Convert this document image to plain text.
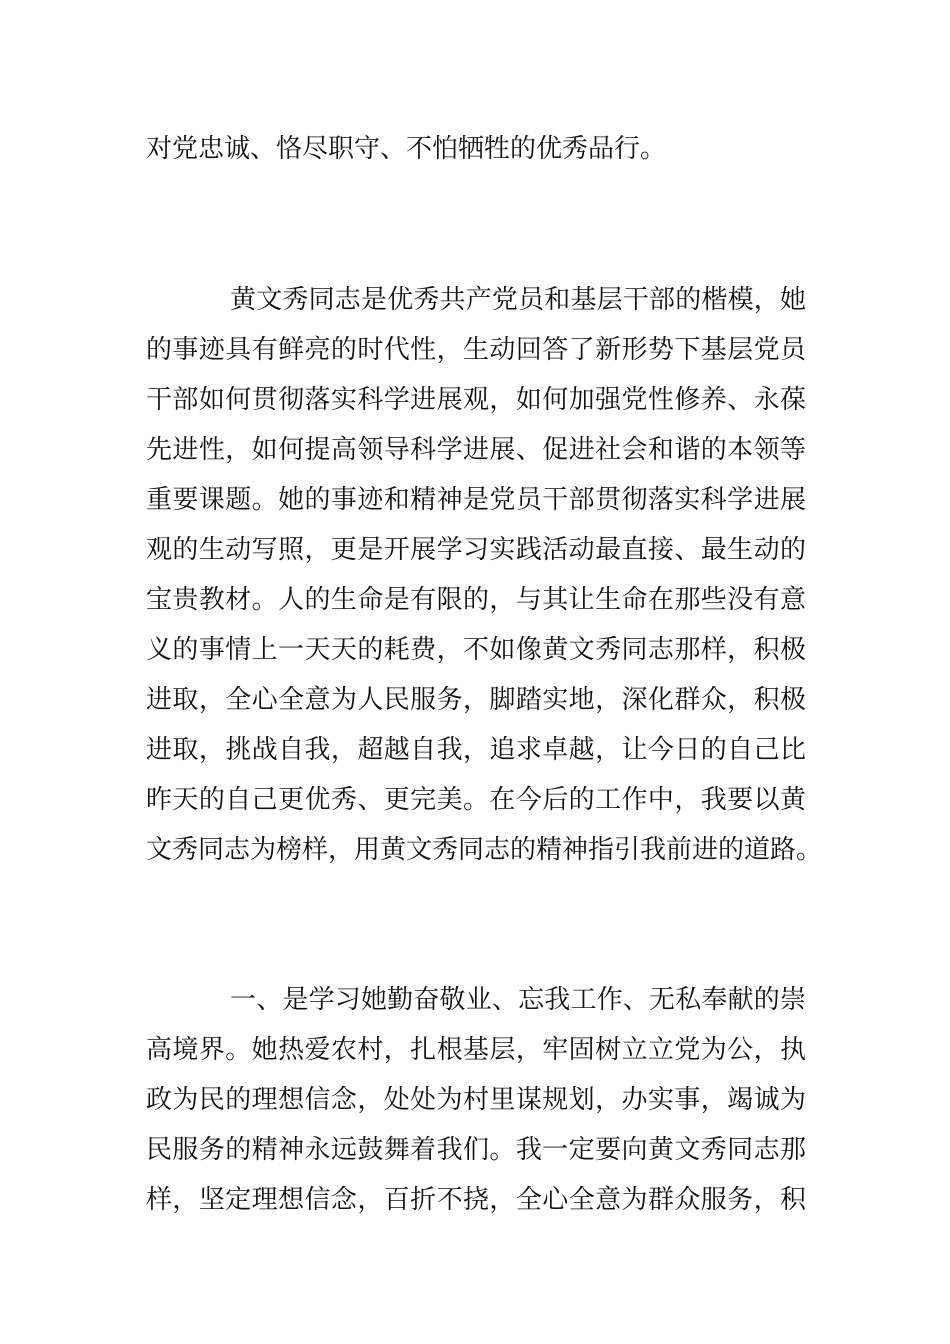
对党忠诚、恪尽职守、不怕牺牲的优秀品行。
黄文秀同志是优秀共产党员和基层干部的楷模，她
的事迹具有鲜亮的时代性，生动回答了新形势下基层党员
干部如何贯彻落实科学进展观，如何加强党性修养、永葆
先进性，如何提高领导科学进展、促进社会和谐的本领等
重要课题。她的事迹和精神是党员干部贯彻落实科学进展
观的生动写照，更是开展学习实践活动最直接、最生动的
宝贵教材。人的生命是有限的，与其让生命在那些没有意
义的事情上一天天的耗费，不如像黄文秀同志那样，积极
进取，全心全意为人民服务，脚踏实地，深化群众，积极
进取，挑战自我，超越自我，追求卓越，让今日的自己比
昨天的自己更优秀、更完美。在今后的工作中，我要以黄
文秀同志为榜样，用黄文秀同志的精神指引我前进的道路。
一、是学习她勤奋敬业、忘我工作、无私奉献的崇
高境界。她热爱农村，扎根基层，牢固树立立党为公，执
政为民的理想信念，处处为村里谋规划，办实事，竭诚为
民服务的精神永远鼓舞着我们。我一定要向黄文秀同志那
样，坚定理想信念，百折不挠，全心全意为群众服务，积
